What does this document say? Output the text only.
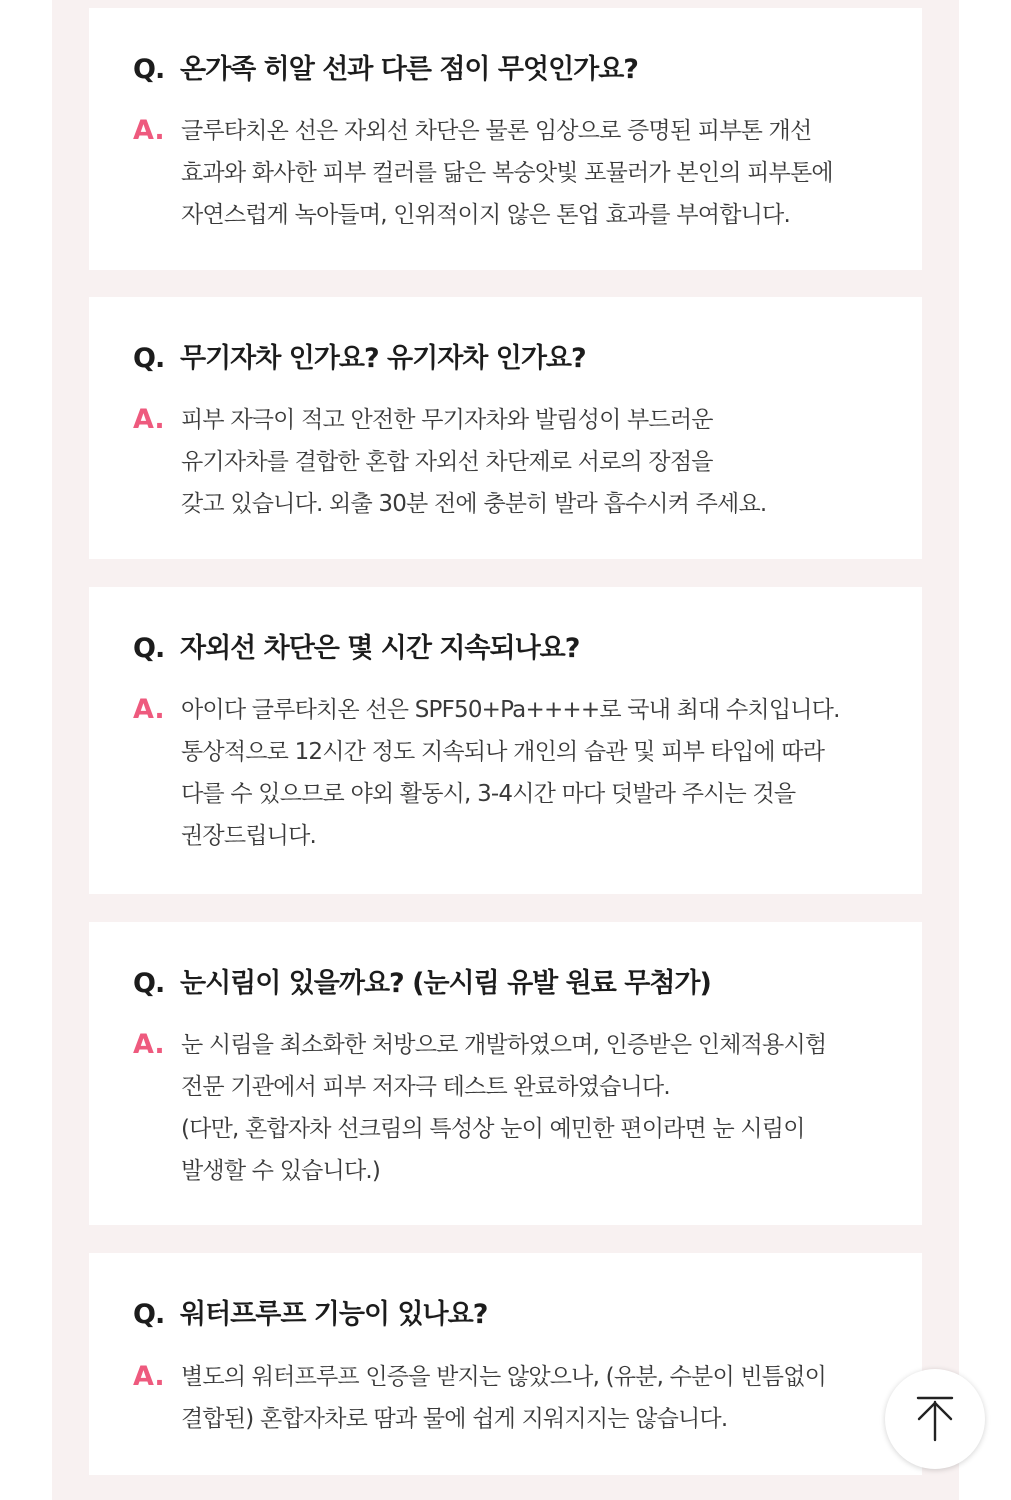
Q. 온가족 히알 선과 다른 점이 무엇인가요?
A. 글루타치온 선은 자외선 차단은 물론 임상으로 증명된 피부톤 개선
효과와 화사한 피부 컬러를 닮은 복숭앗빛 포뮬러가 본인의 피부톤에
자연스럽게 녹아들며, 인위적이지 않은 톤업 효과를 부여합니다.
Q. 무기자차 인가요? 유기자차 인가요?
A. 피부 자극이 적고 안전한 무기자차와 발림성이 부드러운
유기자차를 결합한 혼합 자외선 차단제로 서로의 장점을
갖고 있습니다. 외출 30분 전에 충분히 발라 흡수시켜 주세요.
Q. 자외선 차단은 몇 시간 지속되나요?
A. 아이다 글루타치온 선은 SPF50+Pa++++로 국내 최대 수치입니다.
통상적으로 12시간 정도 지속되나 개인의 습관 및 피부 타입에 따라
다를 수 있으므로 야외 활동시, 3-4시간 마다 덧발라 주시는 것을
권장드립니다.
Q. 눈시림이 있을까요? (눈시림 유발 원료 무첨가)
A. 눈 시림을 최소화한 처방으로 개발하였으며, 인증받은 인체적용시험
전문 기관에서 피부 저자극 테스트 완료하였습니다.
(다만, 혼합자차 선크림의 특성상 눈이 예민한 편이라면 눈 시림이
발생할 수 있습니다.)
Q. 워터프루프 기능이 있나요?
A. 별도의 워터프루프 인증을 받지는 않았으나, (유분, 수분이 빈틈없이
결합된) 혼합자차로 땀과 물에 쉽게 지워지지는 않습니다.
